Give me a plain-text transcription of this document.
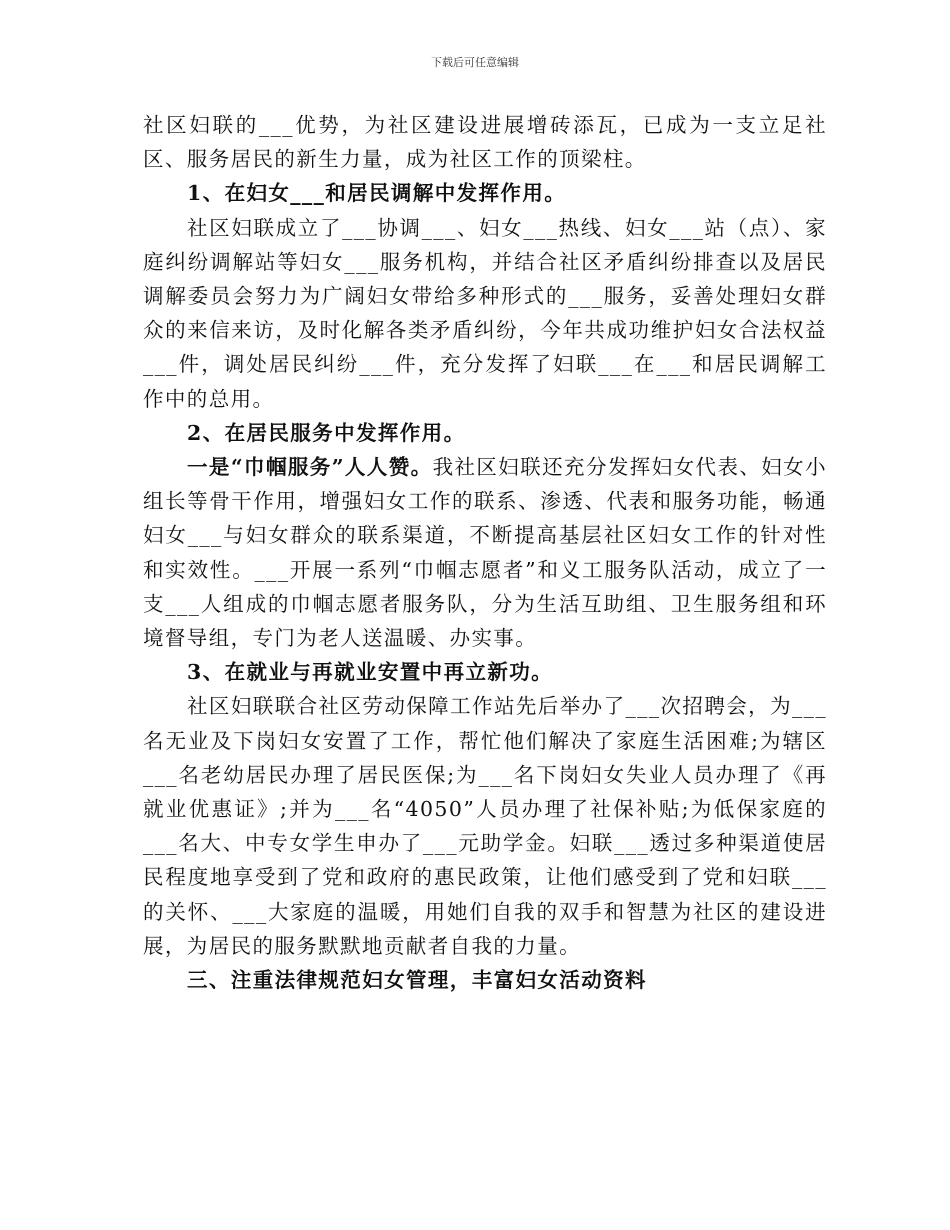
下载后可任意编辑

社区妇联的___优势，为社区建设进展增砖添瓦，已成为一支立足社区、服务居民的新生力量，成为社区工作的顶梁柱。

1、在妇女___和居民调解中发挥作用。

社区妇联成立了___协调___、妇女___热线、妇女___站（点）、家庭纠纷调解站等妇女___服务机构，并结合社区矛盾纠纷排查以及居民调解委员会努力为广阔妇女带给多种形式的___服务，妥善处理妇女群众的来信来访，及时化解各类矛盾纠纷，今年共成功维护妇女合法权益___件，调处居民纠纷___件，充分发挥了妇联___在___和居民调解工作中的总用。

2、在居民服务中发挥作用。

一是“巾帼服务”人人赞。我社区妇联还充分发挥妇女代表、妇女小组长等骨干作用，增强妇女工作的联系、渗透、代表和服务功能，畅通妇女___与妇女群众的联系渠道，不断提高基层社区妇女工作的针对性和实效性。___开展一系列“巾帼志愿者”和义工服务队活动，成立了一支___人组成的巾帼志愿者服务队，分为生活互助组、卫生服务组和环境督导组，专门为老人送温暖、办实事。

3、在就业与再就业安置中再立新功。

社区妇联联合社区劳动保障工作站先后举办了___次招聘会，为___名无业及下岗妇女安置了工作，帮忙他们解决了家庭生活困难;为辖区___名老幼居民办理了居民医保;为___名下岗妇女失业人员办理了《再就业优惠证》;并为___名“4050”人员办理了社保补贴;为低保家庭的___名大、中专女学生申办了___元助学金。妇联___透过多种渠道使居民程度地享受到了党和政府的惠民政策，让他们感受到了党和妇联___的关怀、___大家庭的温暖，用她们自我的双手和智慧为社区的建设进展，为居民的服务默默地贡献者自我的力量。

三、注重法律规范妇女管理，丰富妇女活动资料
